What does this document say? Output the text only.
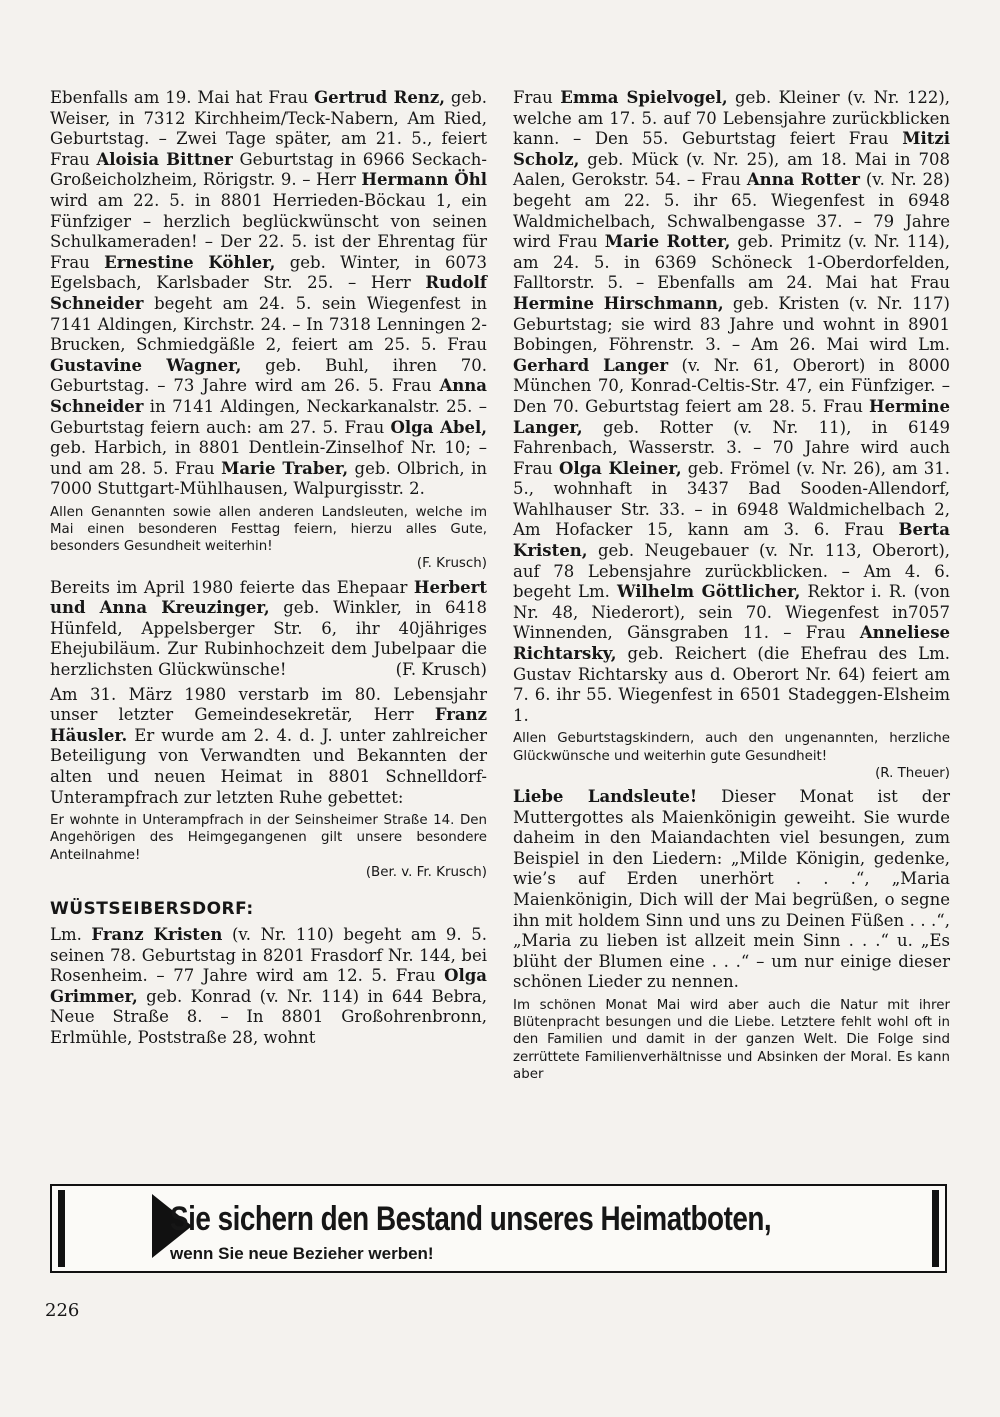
Ebenfalls am 19. Mai hat Frau Gertrud Renz, geb. Weiser, in 7312 Kirchheim/Teck-Nabern, Am Ried, Geburtstag. – Zwei Tage später, am 21. 5., feiert Frau Aloisia Bittner Geburtstag in 6966 Seckach-Großeicholzheim, Rörigstr. 9. – Herr Hermann Öhl wird am 22. 5. in 8801 Herrieden-Böckau 1, ein Fünfziger – herzlich beglückwünscht von seinen Schulkameraden! – Der 22. 5. ist der Ehrentag für Frau Ernestine Köhler, geb. Winter, in 6073 Egelsbach, Karlsbader Str. 25. – Herr Rudolf Schneider begeht am 24. 5. sein Wiegenfest in 7141 Aldingen, Kirchstr. 24. – In 7318 Lenningen 2-Brucken, Schmiedgäßle 2, feiert am 25. 5. Frau Gustavine Wagner, geb. Buhl, ihren 70. Geburtstag. – 73 Jahre wird am 26. 5. Frau Anna Schneider in 7141 Aldingen, Neckarkanalstr. 25. – Geburtstag feiern auch: am 27. 5. Frau Olga Abel, geb. Harbich, in 8801 Dentlein-Zinselhof Nr. 10; – und am 28. 5. Frau Marie Traber, geb. Olbrich, in 7000 Stuttgart-Mühlhausen, Walpurgisstr. 2.

Allen Genannten sowie allen anderen Landsleuten, welche im Mai einen besonderen Festtag feiern, hierzu alles Gute, besonders Gesundheit weiterhin!
(F. Krusch)

Bereits im April 1980 feierte das Ehepaar Herbert und Anna Kreuzinger, geb. Winkler, in 6418 Hünfeld, Appelsberger Str. 6, ihr 40jähriges Ehejubiläum. Zur Rubinhochzeit dem Jubelpaar die herzlichsten Glückwünsche!	(F. Krusch)

Am 31. März 1980 verstarb im 80. Lebensjahr unser letzter Gemeindesekretär, Herr Franz Häusler. Er wurde am 2. 4. d. J. unter zahlreicher Beteiligung von Verwandten und Bekannten der alten und neuen Heimat in 8801 Schnelldorf-Unterampfrach zur letzten Ruhe gebettet:

Er wohnte in Unterampfrach in der Seinsheimer Straße 14. Den Angehörigen des Heimgegangenen gilt unsere besondere Anteilnahme!
(Ber. v. Fr. Krusch)

WÜSTSEIBERSDORF:

Lm. Franz Kristen (v. Nr. 110) begeht am 9. 5. seinen 78. Geburtstag in 8201 Frasdorf Nr. 144, bei Rosenheim. – 77 Jahre wird am 12. 5. Frau Olga Grimmer, geb. Konrad (v. Nr. 114) in 644 Bebra, Neue Straße 8. – In 8801 Großohrenbronn, Erlmühle, Poststraße 28, wohnt

Frau Emma Spielvogel, geb. Kleiner (v. Nr. 122), welche am 17. 5. auf 70 Lebensjahre zurückblicken kann. – Den 55. Geburtstag feiert Frau Mitzi Scholz, geb. Mück (v. Nr. 25), am 18. Mai in 708 Aalen, Gerokstr. 54. – Frau Anna Rotter (v. Nr. 28) begeht am 22. 5. ihr 65. Wiegenfest in 6948 Waldmichelbach, Schwalbengasse 37. – 79 Jahre wird Frau Marie Rotter, geb. Primitz (v. Nr. 114), am 24. 5. in 6369 Schöneck 1-Oberdorfelden, Falltorstr. 5. – Ebenfalls am 24. Mai hat Frau Hermine Hirschmann, geb. Kristen (v. Nr. 117) Geburtstag; sie wird 83 Jahre und wohnt in 8901 Bobingen, Föhrenstr. 3. – Am 26. Mai wird Lm. Gerhard Langer (v. Nr. 61, Oberort) in 8000 München 70, Konrad-Celtis-Str. 47, ein Fünfziger. – Den 70. Geburtstag feiert am 28. 5. Frau Hermine Langer, geb. Rotter (v. Nr. 11), in 6149 Fahrenbach, Wasserstr. 3. – 70 Jahre wird auch Frau Olga Kleiner, geb. Frömel (v. Nr. 26), am 31. 5., wohnhaft in 3437 Bad Sooden-Allendorf, Wahlhauser Str. 33. – in 6948 Waldmichelbach 2, Am Hofacker 15, kann am 3. 6. Frau Berta Kristen, geb. Neugebauer (v. Nr. 113, Oberort), auf 78 Lebensjahre zurückblicken. – Am 4. 6. begeht Lm. Wilhelm Göttlicher, Rektor i. R. (von Nr. 48, Niederort), sein 70. Wiegenfest in7057 Winnenden, Gänsgraben 11. – Frau Anneliese Richtarsky, geb. Reichert (die Ehefrau des Lm. Gustav Richtarsky aus d. Oberort Nr. 64) feiert am 7. 6. ihr 55. Wiegenfest in 6501 Stadeggen-Elsheim 1.

Allen Geburtstagskindern, auch den ungenannten, herzliche Glückwünsche und weiterhin gute Gesundheit!
(R. Theuer)

Liebe Landsleute! Dieser Monat ist der Muttergottes als Maienkönigin geweiht. Sie wurde daheim in den Maiandachten viel besungen, zum Beispiel in den Liedern: „Milde Königin, gedenke, wie’s auf Erden unerhört . . .“, „Maria Maienkönigin, Dich will der Mai begrüßen, o segne ihn mit holdem Sinn und uns zu Deinen Füßen . . .“, „Maria zu lieben ist allzeit mein Sinn . . .“ u. „Es blüht der Blumen eine . . .“ – um nur einige dieser schönen Lieder zu nennen.

Im schönen Monat Mai wird aber auch die Natur mit ihrer Blütenpracht besungen und die Liebe. Letztere fehlt wohl oft in den Familien und damit in der ganzen Welt. Die Folge sind zerrüttete Familienverhältnisse und Absinken der Moral. Es kann aber

Sie sichern den Bestand unseres Heimatboten,
wenn Sie neue Bezieher werben!
226
